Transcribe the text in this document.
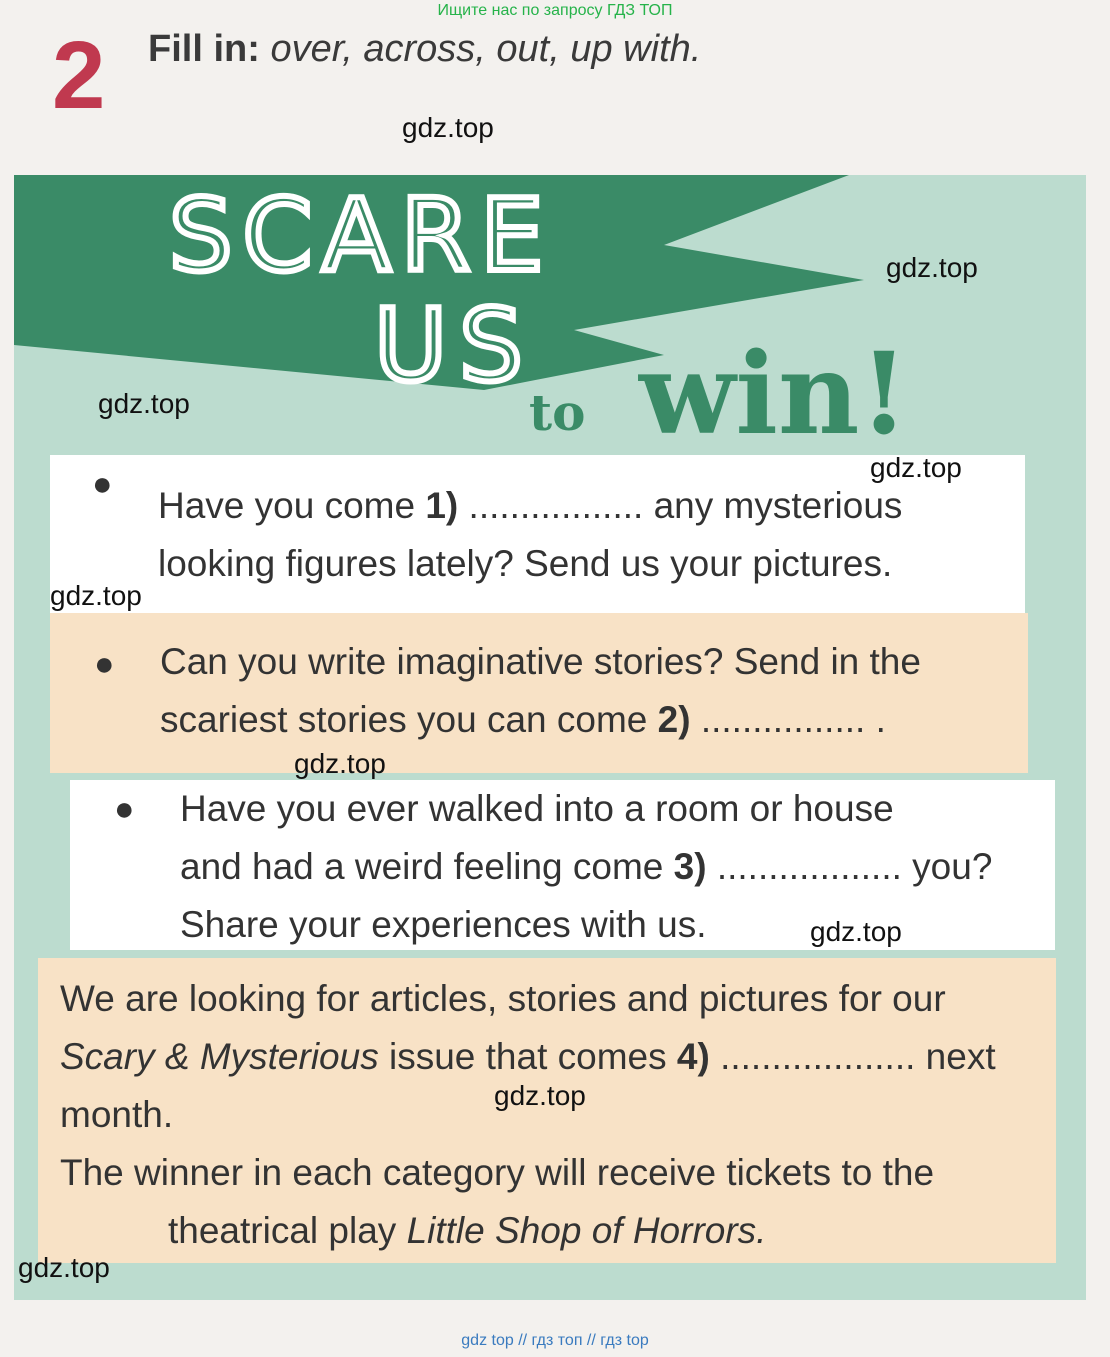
Ищите нас по запросу ГДЗ ТОП
2 Fill in: over, across, out, up with.
SCARE
US
to win!
●
Have you come 1) ................. any mysterious
looking figures lately? Send us your pictures.
● Can you write imaginative stories? Send in the
scariest stories you can come 2) ................ .
● Have you ever walked into a room or house
and had a weird feeling come 3) .................. you?
Share your experiences with us.
We are looking for articles, stories and pictures for our
Scary & Mysterious issue that comes 4) ................... next
month.
The winner in each category will receive tickets to the
theatrical play Little Shop of Horrors.
gdz.top
gdz.top
gdz.top
gdz.top
gdz.top
gdz.top
gdz.top
gdz.top
gdz.top
gdz top // гдз топ // гдз top
